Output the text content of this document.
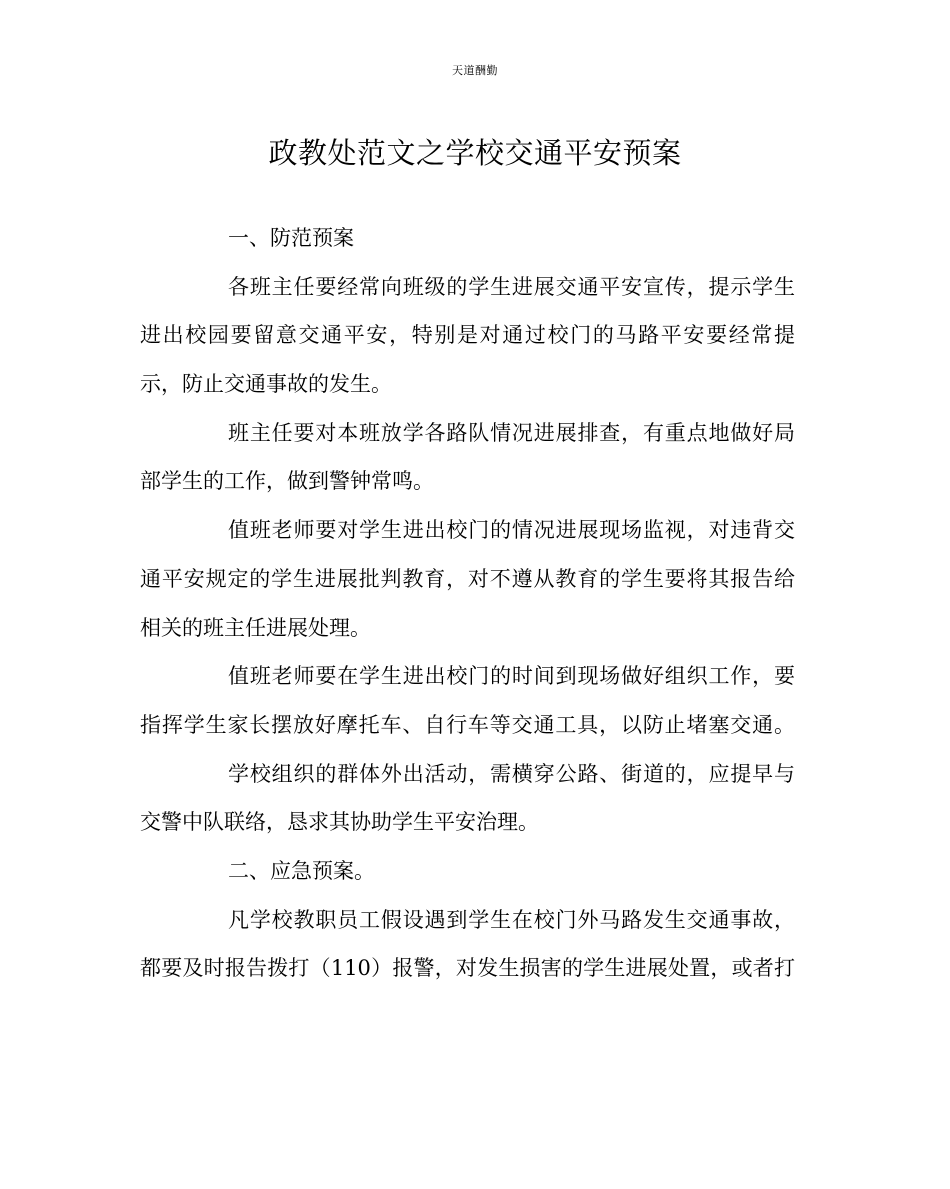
天道酬勤
政教处范文之学校交通平安预案
一、防范预案
各班主任要经常向班级的学生进展交通平安宣传，提示学生
进出校园要留意交通平安，特别是对通过校门的马路平安要经常提
示，防止交通事故的发生。
班主任要对本班放学各路队情况进展排查，有重点地做好局
部学生的工作，做到警钟常鸣。
值班老师要对学生进出校门的情况进展现场监视，对违背交
通平安规定的学生进展批判教育，对不遵从教育的学生要将其报告给
相关的班主任进展处理。
值班老师要在学生进出校门的时间到现场做好组织工作，要
指挥学生家长摆放好摩托车、自行车等交通工具，以防止堵塞交通。
学校组织的群体外出活动，需横穿公路、街道的，应提早与
交警中队联络，恳求其协助学生平安治理。
二、应急预案。
凡学校教职员工假设遇到学生在校门外马路发生交通事故，
都要及时报告拨打（110）报警，对发生损害的学生进展处置，或者打
